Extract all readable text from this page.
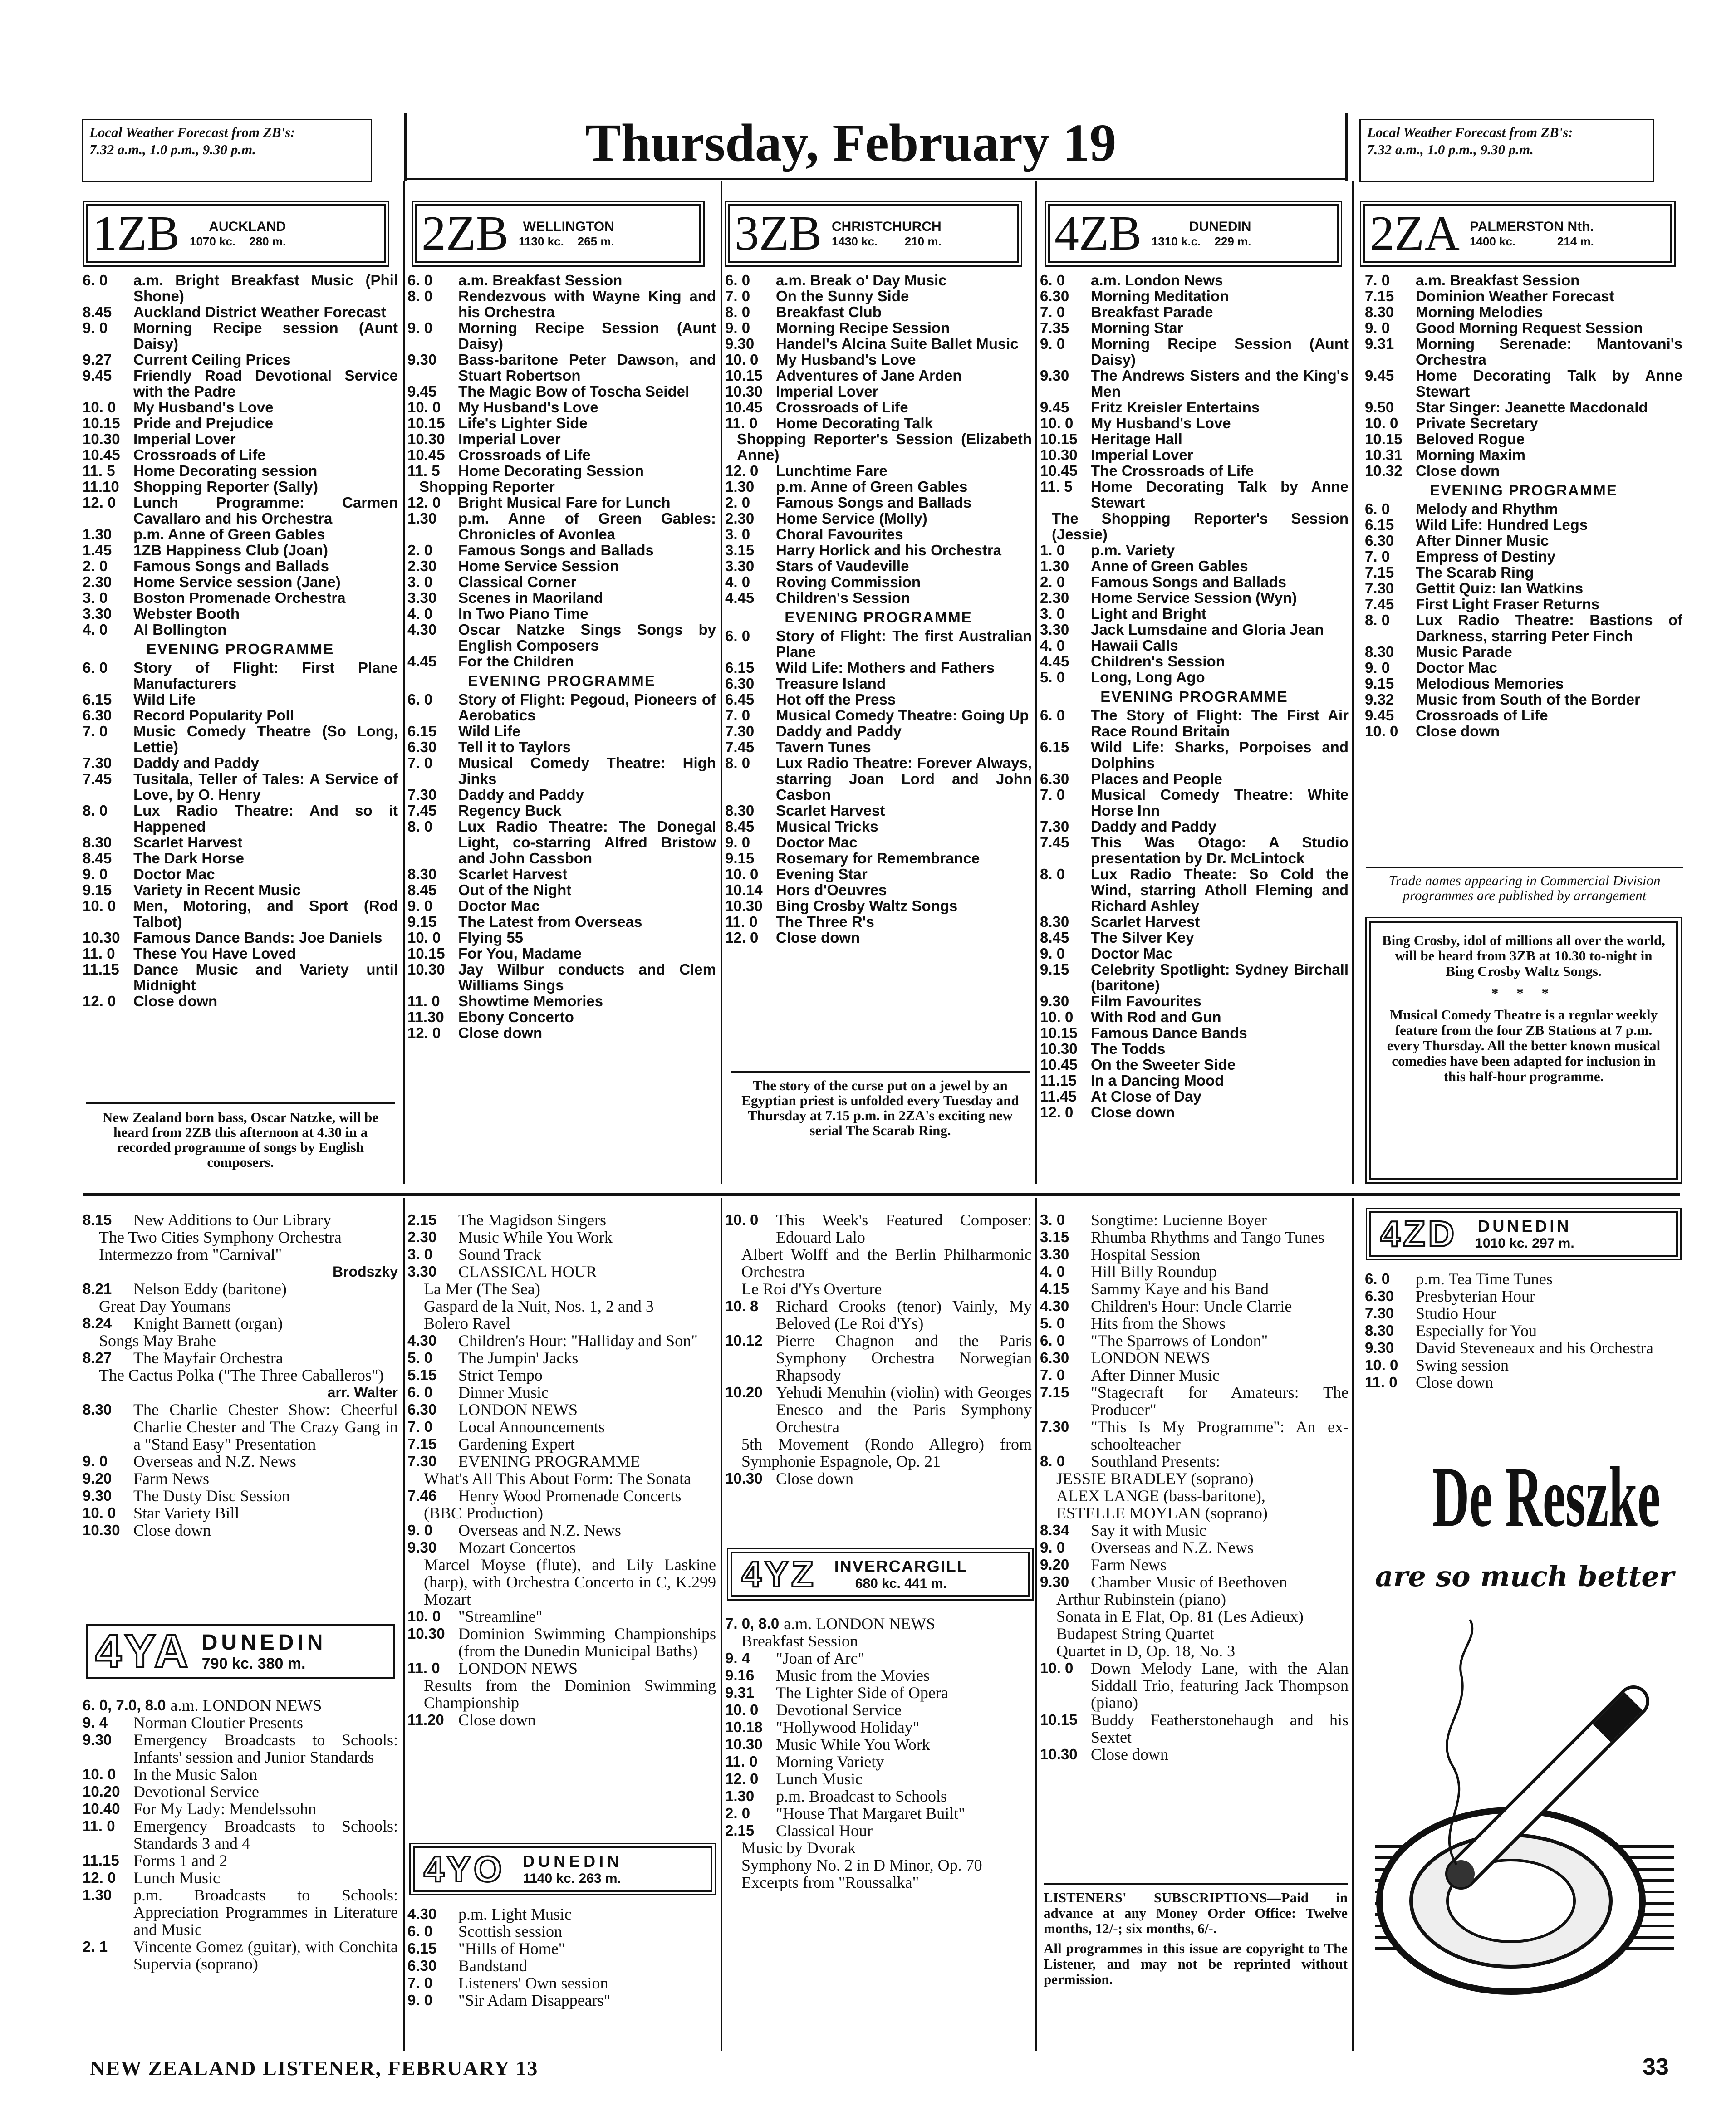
Local Weather Forecast from ZB's:
7.32 a.m., 1.0 p.m., 9.30 p.m.	Thursday, February 19	Local Weather Forecast from ZB's:
7.32 a.m., 1.0 p.m., 9.30 p.m.
1ZB	AUCKLAND
1070 kc. 280 m.	2ZB	WELLINGTON
1130 kc. 265 m. 3ZB CHRISTCHURCH
1430 kc. 210 m. 4ZB	DUNEDIN
1310 k.c. 229 m. 2ZA PALMERSTON Nth.
1400 kc.	214 m.
6. 0	a.m. Bright Breakfast Music (Phil Shone)
8.45	Auckland District Weather Forecast
9. 0	Morning Recipe session (Aunt Daisy)
9.27	Current Ceiling Prices
9.45	Friendly Road Devotional Service with the Padre
10. 0	My Husband's Love
10.15 Pride and Prejudice
10.30 Imperial Lover
10.45 Crossroads of Life
11. 5	Home Decorating session
11.10 Shopping Reporter (Sally)
12. 0	Lunch Programme: Carmen Cavallaro and his Orchestra
1.30	p.m. Anne of Green Gables
1.45	1ZB Happiness Club (Joan)
2. 0	Famous Songs and Ballads
2.30	Home Service session (Jane)
3. 0	Boston Promenade Orchestra
3.30	Webster Booth
4. 0	Al Bollington
EVENING PROGRAMME
6. 0	Story of Flight: First Plane Manufacturers
6.15	Wild Life
6.30	Record Popularity Poll
7. 0	Music Comedy Theatre (So Long, Lettie)
7.30	Daddy and Paddy
7.45	Tusitala, Teller of Tales: A Service of Love, by O. Henry
8. 0	Lux Radio Theatre: And so it Happened
8.30	Scarlet Harvest
8.45	The Dark Horse
9. 0	Doctor Mac
9.15	Variety in Recent Music
10. 0	Men, Motoring, and Sport (Rod Talbot)
10.30 Famous Dance Bands: Joe Daniels
11. 0	These You Have Loved
11.15 Dance Music and Variety until Midnight
12. 0	Close down
New Zealand born bass, Oscar Natzke, will be heard from 2ZB this afternoon at 4.30 in a recorded programme of songs by English composers.
6. 0	a.m. Breakfast Session
8. 0	Rendezvous with Wayne King and his Orchestra
9. 0	Morning Recipe Session (Aunt Daisy)
9.30	Bass-baritone Peter Dawson, and Stuart Robertson
9.45	The Magic Bow of Toscha Seidel
10. 0	My Husband's Love
10.15 Life's Lighter Side
10.30 Imperial Lover
10.45 Crossroads of Life
11. 5	Home Decorating Session
Shopping Reporter
12. 0	Bright Musical Fare for Lunch
1.30	p.m. Anne of Green Gables: Chronicles of Avonlea
2. 0	Famous Songs and Ballads
2.30	Home Service Session
3. 0	Classical Corner
3.30	Scenes in Maoriland
4. 0	In Two Piano Time
4.30	Oscar Natzke Sings Songs by English Composers
4.45	For the Children
EVENING PROGRAMME
6. 0	Story of Flight: Pegoud, Pioneers of Aerobatics
6.15	Wild Life
6.30	Tell it to Taylors
7. 0	Musical Comedy Theatre: High Jinks
7.30	Daddy and Paddy
7.45	Regency Buck
8. 0	Lux Radio Theatre: The Donegal Light, co-starring Alfred Bristow and John Cassbon
8.30	Scarlet Harvest
8.45	Out of the Night
9. 0	Doctor Mac
9.15	The Latest from Overseas
10. 0	Flying 55
10.15 For You, Madame
10.30 Jay Wilbur conducts and Clem Williams Sings
11. 0	Showtime Memories
11.30 Ebony Concerto
12. 0	Close down
6. 0	a.m. Break o' Day Music
7. 0	On the Sunny Side
8. 0	Breakfast Club
9. 0	Morning Recipe Session
9.30	Handel's Alcina Suite Ballet Music
10. 0	My Husband's Love
10.15 Adventures of Jane Arden
10.30 Imperial Lover
10.45 Crossroads of Life
11. 0	Home Decorating Talk
Shopping Reporter's Session (Elizabeth Anne)
12. 0	Lunchtime Fare
1.30	p.m. Anne of Green Gables
2. 0	Famous Songs and Ballads
2.30	Home Service (Molly)
3. 0	Choral Favourites
3.15	Harry Horlick and his Orchestra
3.30	Stars of Vaudeville
4. 0	Roving Commission
4.45	Children's Session
EVENING PROGRAMME
6. 0	Story of Flight: The first Australian Plane
6.15	Wild Life: Mothers and Fathers
6.30	Treasure Island
6.45	Hot off the Press
7. 0	Musical Comedy Theatre: Going Up
7.30	Daddy and Paddy
7.45	Tavern Tunes
8. 0	Lux Radio Theatre: Forever Always, starring Joan Lord and John Casbon
8.30	Scarlet Harvest
8.45	Musical Tricks
9. 0	Doctor Mac
9.15	Rosemary for Remembrance
10. 0	Evening Star
10.14 Hors d'Oeuvres
10.30 Bing Crosby Waltz Songs
11. 0	The Three R's
12. 0	Close down
The story of the curse put on a jewel by an Egyptian priest is unfolded every Tuesday and Thursday at 7.15 p.m. in 2ZA's exciting new serial The Scarab Ring.
6. 0	a.m. London News
6.30	Morning Meditation
7. 0	Breakfast Parade
7.35	Morning Star
9. 0	Morning Recipe Session (Aunt Daisy)
9.30	The Andrews Sisters and the King's Men
9.45	Fritz Kreisler Entertains
10. 0	My Husband's Love
10.15 Heritage Hall
10.30 Imperial Lover
10.45 The Crossroads of Life
11. 5	Home Decorating Talk by Anne Stewart
The Shopping Reporter's Session (Jessie)
1. 0	p.m. Variety
1.30	Anne of Green Gables
2. 0	Famous Songs and Ballads
2.30	Home Service Session (Wyn)
3. 0	Light and Bright
3.30	Jack Lumsdaine and Gloria Jean
4. 0	Hawaii Calls
4.45	Children's Session
5. 0	Long, Long Ago
EVENING PROGRAMME
6. 0	The Story of Flight: The First Air Race Round Britain
6.15	Wild Life: Sharks, Porpoises and Dolphins
6.30	Places and People
7. 0	Musical Comedy Theatre: White Horse Inn
7.30	Daddy and Paddy
7.45	This Was Otago: A Studio presentation by Dr. McLintock
8. 0	Lux Radio Theate: So Cold the Wind, starring Atholl Fleming and Richard Ashley
8.30	Scarlet Harvest
8.45	The Silver Key
9. 0	Doctor Mac
9.15	Celebrity Spotlight: Sydney Birchall (baritone)
9.30	Film Favourites
10. 0	With Rod and Gun
10.15 Famous Dance Bands
10.30 The Todds
10.45 On the Sweeter Side
11.15 In a Dancing Mood
11.45 At Close of Day
12. 0	Close down
7. 0	a.m. Breakfast Session
7.15	Dominion Weather Forecast
8.30	Morning Melodies
9. 0	Good Morning Request Session
9.31	Morning Serenade: Mantovani's Orchestra
9.45	Home Decorating Talk by Anne Stewart
9.50	Star Singer: Jeanette Macdonald
10. 0	Private Secretary
10.15 Beloved Rogue
10.31 Morning Maxim
10.32 Close down
EVENING PROGRAMME
6. 0	Melody and Rhythm
6.15	Wild Life: Hundred Legs
6.30	After Dinner Music
7. 0	Empress of Destiny
7.15	The Scarab Ring
7.30	Gettit Quiz: Ian Watkins
7.45	First Light Fraser Returns
8. 0	Lux Radio Theatre: Bastions of Darkness, starring Peter Finch
8.30	Music Parade
9. 0	Doctor Mac
9.15	Melodious Memories
9.32	Music from South of the Border
9.45	Crossroads of Life
10. 0	Close down
Trade names appearing in Commercial Division programmes are published by arrangement
Bing Crosby, idol of millions all over the world, will be heard from 3ZB at 10.30 to-night in Bing Crosby Waltz Songs.
* * *
Musical Comedy Theatre is a regular weekly feature from the four ZB Stations at 7 p.m. every Thursday. All the better known musical comedies have been adapted for inclusion in this half-hour programme.
8.15	New Additions to Our Library
The Two Cities Symphony Orchestra
Intermezzo from "Carnival"
Brodszky
8.21	Nelson Eddy (baritone)
Great Day Youmans
8.24	Knight Barnett (organ)
Songs May Brahe
8.27	The Mayfair Orchestra
The Cactus Polka ("The Three Caballeros")
arr. Walter
8.30	The Charlie Chester Show: Cheerful Charlie Chester and The Crazy Gang in a "Stand Easy" Presentation
9. 0	Overseas and N.Z. News
9.20	Farm News
9.30	The Dusty Disc Session
10. 0	Star Variety Bill
10.30 Close down
4YA DUNEDIN
790 kc. 380 m.
6. 0, 7.0, 8.0 a.m. LONDON NEWS
9. 4	Norman Cloutier Presents
9.30	Emergency Broadcasts to Schools: Infants' session and Junior Standards
10. 0	In the Music Salon
10.20 Devotional Service
10.40 For My Lady: Mendelssohn
11. 0	Emergency Broadcasts to Schools: Standards 3 and 4
11.15 Forms 1 and 2
12. 0	Lunch Music
1.30	p.m. Broadcasts to Schools: Appreciation Programmes in Literature and Music
2. 1	Vincente Gomez (guitar), with Conchita Supervia (soprano)
2.15	The Magidson Singers
2.30	Music While You Work
3. 0	Sound Track
3.30	CLASSICAL HOUR
La Mer (The Sea)
Gaspard de la Nuit, Nos. 1, 2 and 3
Bolero Ravel
4.30	Children's Hour: "Halliday and Son"
5. 0	The Jumpin' Jacks
5.15	Strict Tempo
6. 0	Dinner Music
6.30	LONDON NEWS
7. 0	Local Announcements
7.15	Gardening Expert
7.30	EVENING PROGRAMME
What's All This About Form: The Sonata
7.46	Henry Wood Promenade Concerts
(BBC Production)
9. 0	Overseas and N.Z. News
9.30	Mozart Concertos
Marcel Moyse (flute), and Lily Laskine (harp), with Orchestra Concerto in C, K.299 Mozart
10. 0	"Streamline"
10.30 Dominion Swimming Championships (from the Dunedin Municipal Baths)
11. 0	LONDON NEWS
Results from the Dominion Swimming Championship
11.20 Close down
4YO DUNEDIN
1140 kc. 263 m.
4.30	p.m. Light Music
6. 0	Scottish session
6.15	"Hills of Home"
6.30	Bandstand
7. 0	Listeners' Own session
9. 0	"Sir Adam Disappears"
10. 0	This Week's Featured Composer: Edouard Lalo
Albert Wolff and the Berlin Philharmonic Orchestra
Le Roi d'Ys Overture
10. 8	Richard Crooks (tenor) Vainly, My Beloved (Le Roi d'Ys)
10.12 Pierre Chagnon and the Paris Symphony Orchestra Norwegian Rhapsody
10.20 Yehudi Menuhin (violin) with Georges Enesco and the Paris Symphony Orchestra
5th Movement (Rondo Allegro) from Symphonie Espagnole, Op. 21
10.30 Close down
4YZ INVERCARGILL
680 kc. 441 m.
7. 0, 8.0 a.m. LONDON NEWS
Breakfast Session
9. 4	"Joan of Arc"
9.16	Music from the Movies
9.31	The Lighter Side of Opera
10. 0	Devotional Service
10.18 "Hollywood Holiday"
10.30 Music While You Work
11. 0	Morning Variety
12. 0	Lunch Music
1.30	p.m. Broadcast to Schools
2. 0	"House That Margaret Built"
2.15	Classical Hour
Music by Dvorak
Symphony No. 2 in D Minor, Op. 70
Excerpts from "Roussalka"
3. 0	Songtime: Lucienne Boyer
3.15	Rhumba Rhythms and Tango Tunes
3.30	Hospital Session
4. 0	Hill Billy Roundup
4.15	Sammy Kaye and his Band
4.30	Children's Hour: Uncle Clarrie
5. 0	Hits from the Shows
6. 0	"The Sparrows of London"
6.30	LONDON NEWS
7. 0	After Dinner Music
7.15	"Stagecraft for Amateurs: The Producer"
7.30	"This Is My Programme": An ex-schoolteacher
8. 0	Southland Presents:
JESSIE BRADLEY (soprano)
ALEX LANGE (bass-baritone),
ESTELLE MOYLAN (soprano)
8.34	Say it with Music
9. 0	Overseas and N.Z. News
9.20	Farm News
9.30	Chamber Music of Beethoven
Arthur Rubinstein (piano)
Sonata in E Flat, Op. 81 (Les Adieux)
Budapest String Quartet
Quartet in D, Op. 18, No. 3
10. 0	Down Melody Lane, with the Alan Siddall Trio, featuring Jack Thompson (piano)
10.15 Buddy Featherstonehaugh and his Sextet
10.30 Close down
LISTENERS' SUBSCRIPTIONS—Paid in advance at any Money Order Office: Twelve months, 12/-; six months, 6/-.
All programmes in this issue are copyright to The Listener, and may not be reprinted without permission.
4ZD DUNEDIN
1010 kc. 297 m.
6. 0	p.m. Tea Time Tunes
6.30	Presbyterian Hour
7.30	Studio Hour
8.30	Especially for You
9.30	David Steveneaux and his Orchestra
10. 0	Swing session
11. 0	Close down
De Reszke
are so much better
NEW ZEALAND LISTENER, FEBRUARY 13	33
